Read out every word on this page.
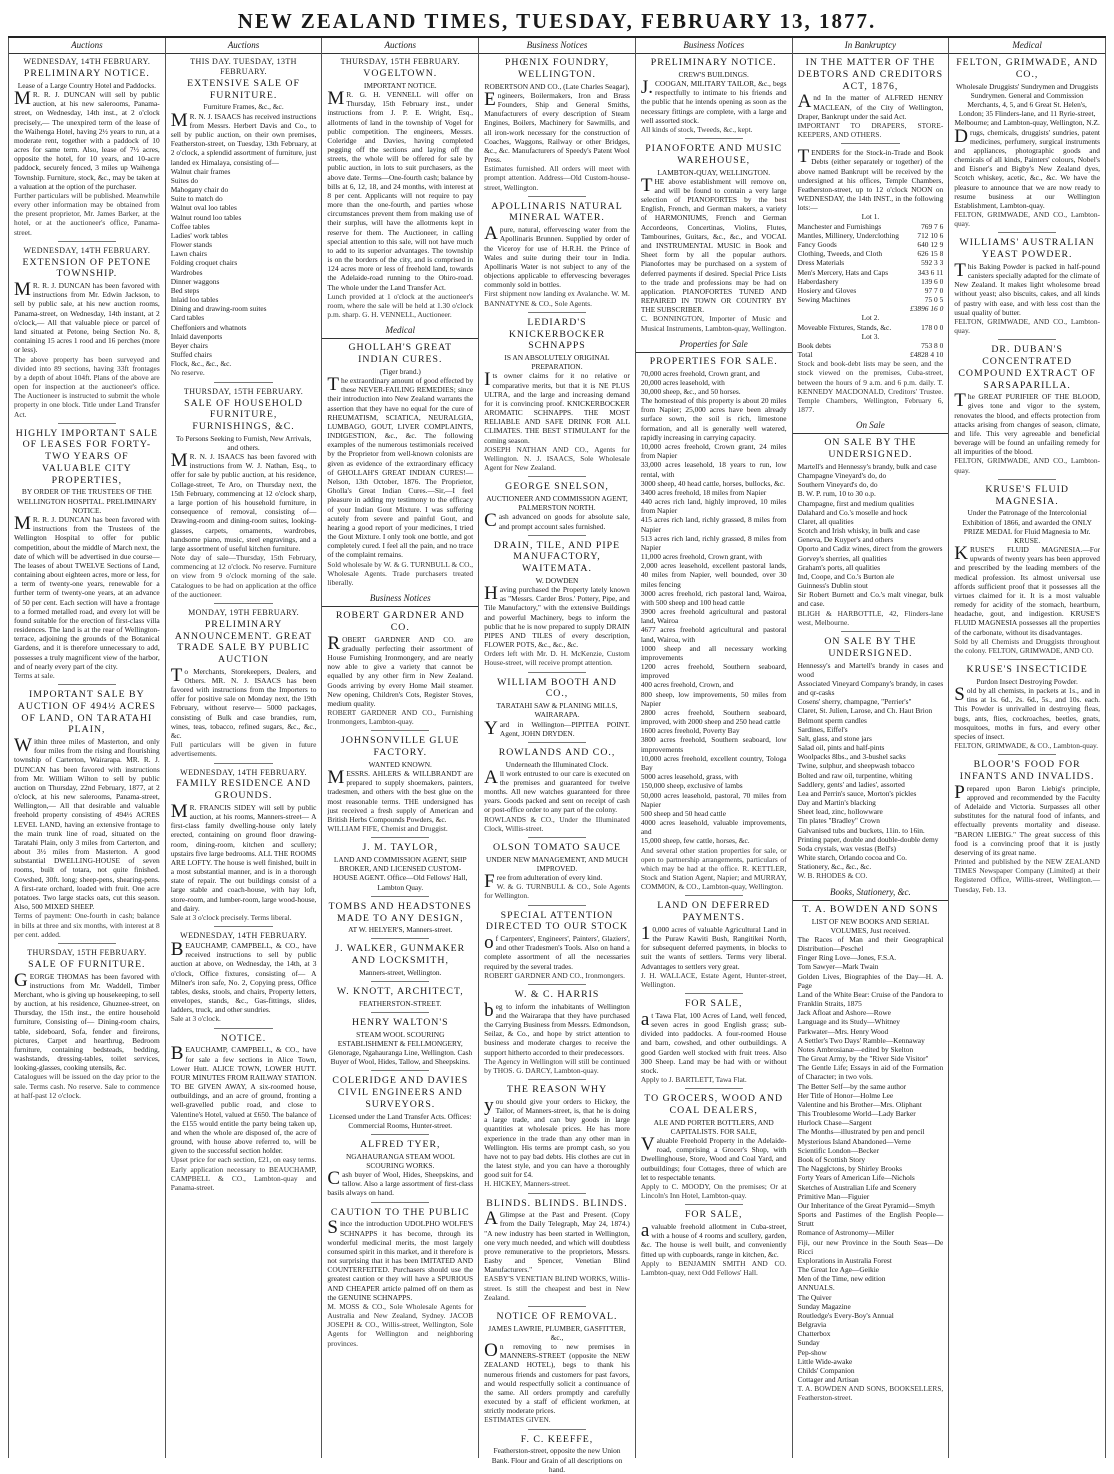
NEW ZEALAND TIMES, TUESDAY, FEBRUARY 13, 1877.
Auctions
WEDNESDAY, 14TH FEBRUARY.
PRELIMINARY NOTICE.
Lease of a Large Country Hotel and Paddocks.

MR. R. J. DUNCAN will sell by public auction, at his new salerooms, Panama-street, on Wednesday, 14th inst., at 2 o'clock precisely,— The unexpired term of the lease of the Waihenga Hotel, having 2½ years to run, at a moderate rent, together with a paddock of 10 acres for same term. Also, lease of 7½ acres, opposite the hotel, for 10 years, and 10-acre paddock, securely fenced, 3 miles up Waihenga Township. Furniture, stock, &c., may be taken at a valuation at the option of the purchaser.

Further particulars will be published. Meanwhile every other information may be obtained from the present proprietor, Mr. James Barker, at the hotel, or at the auctioneer's office, Panama-street.

WEDNESDAY, 14TH FEBRUARY.
EXTENSION OF PETONE TOWNSHIP.

MR. R. J. DUNCAN has been favored with instructions from Mr. Edwin Jackson, to sell by public sale, at his new auction rooms, Panama-street, on Wednesday, 14th instant, at 2 o'clock,— All that valuable piece or parcel of land situated at Petone, being Section No. 8, containing 15 acres 1 rood and 16 perches (more or less).

The above property has been surveyed and divided into 89 sections, having 33ft frontages by a depth of about 104ft. Plans of the above are open for inspection at the auctioneer's office. The Auctioneer is instructed to submit the whole property in one block. Title under Land Transfer Act.

HIGHLY IMPORTANT SALE OF LEASES FOR FORTY-TWO YEARS OF VALUABLE CITY PROPERTIES,
BY ORDER OF THE TRUSTEES OF THE WELLINGTON HOSPITAL. PRELIMINARY NOTICE.

MR. R. J. DUNCAN has been favored with instructions from the Trustees of the Wellington Hospital to offer for public competition, about the middle of March next, the date of which will be advertised in due course— The leases of about TWELVE Sections of Land, containing about eighteen acres, more or less, for a term of twenty-one years, renewable for a further term of twenty-one years, at an advance of 50 per cent. Each section will have a frontage to a formed metalled road, and every lot will be found suitable for the erection of first-class villa residences. The land is at the rear of Wellington-terrace, adjoining the grounds of the Botanical Gardens, and it is therefore unnecessary to add, possesses a truly magnificent view of the harbor, and of nearly every part of the city.

Terms at sale.

IMPORTANT SALE BY AUCTION OF 494½ ACRES OF LAND, ON TARATAHI PLAIN,

Within three miles of Masterton, and only four miles from the rising and flourishing township of Carterton, Wairarapa. MR. R. J. DUNCAN has been favored with instructions from Mr. William Wilton to sell by public auction on Thursday, 22nd February, 1877, at 2 o'clock, at his new salerooms, Panama-street, Wellington,— All that desirable and valuable freehold property consisting of 494½ ACRES LEVEL LAND, having an extensive frontage to the main trunk line of road, situated on the Taratahi Plain, only 3 miles from Carterton, and about 3½ miles from Masterton. A good substantial DWELLING-HOUSE of seven rooms, built of totara, not quite finished. Cowshed, 30ft. long; sheep-pens, shearing-pens. A first-rate orchard, loaded with fruit. One acre potatoes. Two large stacks oats, cut this season. Also, 500 MIXED SHEEP.

Terms of payment: One-fourth in cash; balance in bills at three and six months, with interest at 8 per cent. added.

THURSDAY, 15TH FEBRUARY.
SALE OF FURNITURE.

GEORGE THOMAS has been favored with instructions from Mr. Waddell, Timber Merchant, who is giving up housekeeping, to sell by auction, at his residence, Ghuznee-street, on Thursday, the 15th inst., the entire household furniture, Consisting of— Dining-room chairs, table, sideboard, Sofa, fender and fireirons, pictures, Carpet and hearthrug, Bedroom furniture, containing bedsteads, bedding, washstands, dressing-tables, toilet services, looking-glasses, cooking utensils, &c.

Catalogues will be issued on the day prior to the sale. Terms cash. No reserve. Sale to commence at half-past 12 o'clock.

Auctions
THIS DAY. TUESDAY, 13TH FEBRUARY.
EXTENSIVE SALE OF FURNITURE.
Furniture Frames, &c., &c.

MR. N. J. ISAACS has received instructions from Messrs. Herbert Davis and Co., to sell by public auction, on their own premises, Featherston-street, on Tuesday, 13th February, at 2 o'clock, a splendid assortment of furniture, just landed ex Himalaya, consisting of—

Walnut chair frames
Suites do
Mahogany chair do
Suite to match do
Walnut oval loo tables
Walnut round loo tables
Coffee tables
Ladies' work tables
Flower stands
Lawn chairs
Folding croquet chairs
Wardrobes
Dinner waggons
Bed steps
Inlaid loo tables
Dining and drawing-room suites
Card tables
Cheffoniers and whatnots
Inlaid davenports
Beyer chairs
Stuffed chairs
Flock, &c., &c., &c.

No reserve.

THURSDAY, 15TH FEBRUARY.
SALE OF HOUSEHOLD FURNITURE, FURNISHINGS, &C.
To Persons Seeking to Furnish, New Arrivals, and others.

MR. N. J. ISAACS has been favored with instructions from W. J. Nathan, Esq., to offer for sale by public auction, at his residence, Collage-street, Te Aro, on Thursday next, the 15th February, commencing at 12 o'clock sharp, a large portion of his household furniture, in consequence of removal, consisting of— Drawing-room and dining-room suites, looking-glasses, carpets, ornaments, wardrobes, handsome piano, music, steel engravings, and a large assortment of useful kitchen furniture.

Note day of sale—Thursday, 15th February, commencing at 12 o'clock. No reserve. Furniture on view from 9 o'clock morning of the sale. Catalogues to be had on application at the office of the auctioneer.

MONDAY, 19TH FEBRUARY.
PRELIMINARY ANNOUNCEMENT. GREAT TRADE SALE BY PUBLIC AUCTION

To Merchants, Storekeepers, Dealers, and Others. MR. N. J. ISAACS has been favored with instructions from the Importers to offer for positive sale on Monday next, the 19th February, without reserve— 5000 packages, consisting of Bulk and case brandies, rum, wines, teas, tobacco, refined sugars, &c., &c., &c.

Full particulars will be given in future advertisements.

WEDNESDAY, 14TH FEBRUARY.
FAMILY RESIDENCE AND GROUNDS.

MR. FRANCIS SIDEY will sell by public auction, at his rooms, Manners-street— A first-class family dwelling-house only lately erected, containing on ground floor drawing-room, dining-room, kitchen and scullery; upstairs five large bedrooms. ALL THE ROOMS ARE LOFTY. The house is well finished, built in a most substantial manner, and is in a thorough state of repair. The out buildings consist of a large stable and coach-house, with hay loft, store-room, and lumber-room, large wood-house, and dairy.

Sale at 3 o'clock precisely. Terms liberal.

WEDNESDAY, 14TH FEBRUARY.

BEAUCHAMP, CAMPBELL, & CO., have received instructions to sell by public auction at above, on Wednesday, the 14th, at 3 o'clock, Office fixtures, consisting of— A Milner's iron safe, No. 2, Copying press, Office tables, desks, stools, and chairs, Property letters, envelopes, stands, &c., Gas-fittings, slides, ladders, truck, and other sundries.

Sale at 3 o'clock.

NOTICE.

BEAUCHAMP, CAMPBELL, & CO., have for sale a few sections in Alice Town, Lower Hutt. ALICE TOWN, LOWER HUTT. FOUR MINUTES FROM RAILWAY STATION. TO BE GIVEN AWAY, A six-roomed house, outbuildings, and an acre of ground, fronting a well-gravelled public road, and close to Valentine's Hotel, valued at £650. The balance of the £155 would entitle the party being taken up, and when the whole are disposed of, the acre of ground, with house above referred to, will be given to the successful section holder.

Upset price for each section, £21, on easy terms. Early application necessary to BEAUCHAMP, CAMPBELL & CO., Lambton-quay and Panama-street.

Auctions
THURSDAY, 15TH FEBRUARY.
VOGELTOWN.
IMPORTANT NOTICE.

MR. G. H. VENNELL will offer on Thursday, 15th February inst., under instructions from J. P. E. Wright, Esq., allotments of land in the township of Vogel for public competition. The engineers, Messrs. Coleridge and Davies, having completed pegging off the sections and laying off the streets, the whole will be offered for sale by public auction, in lots to suit purchasers, as the above date. Terms—One-fourth cash; balance by bills at 6, 12, 18, and 24 months, with interest at 8 per cent. Applicants will not require to pay more than the one-fourth, and parties whose circumstances prevent them from making use of their surplus, will have the allotments kept in reserve for them. The Auctioneer, in calling special attention to this sale, will not have much to add to its superior advantages. The township is on the borders of the city, and is comprised in 124 acres more or less of freehold land, towards the Adelaide-road running to the Ohiro-road. The whole under the Land Transfer Act.

Lunch provided at 1 o'clock at the auctioneer's room, where the sale will be held at 1.30 o'clock p.m. sharp. G. H. VENNELL, Auctioneer.

Medical
GHOLLAH'S GREAT INDIAN CURES.
(Tiger brand.)

The extraordinary amount of good effected by these NEVER-FAILING REMEDIES; since their introduction into New Zealand warrants the assertion that they have no equal for the cure of RHEUMATISM, SCIATICA, NEURALGIA, LUMBAGO, GOUT, LIVER COMPLAINTS, INDIGESTION, &c., &c. The following examples of the numerous testimonials received by the Proprietor from well-known colonists are given as evidence of the extraordinary efficacy of GHOLLAH'S GREAT INDIAN CURES!— Nelson, 13th October, 1876. The Proprietor, Gholla's Great Indian Cures.—Sir,—I feel pleasure in adding my testimony to the efficacy of your Indian Gout Mixture. I was suffering acutely from severe and painful Gout, and hearing a good report of your medicines, I tried the Gout Mixture. I only took one bottle, and got completely cured. I feel all the pain, and no trace of the complaint remains.

Sold wholesale by W. & G. TURNBULL & CO., Wholesale Agents. Trade purchasers treated liberally.

Business Notices
ROBERT GARDNER AND CO.

ROBERT GARDNER AND CO. are gradually perfecting their assortment of House Furnishing Ironmongery, and are nearly now able to give a variety that cannot be equalled by any other firm in New Zealand. Goods arriving by every Home Mail steamer. New opening, Children's Cots, Register Stoves, medium quality.

ROBERT GARDNER AND CO., Furnishing Ironmongers, Lambton-quay.

JOHNSONVILLE GLUE FACTORY.
WANTED KNOWN.

MESSRS. AHLERS & WILLBRANDT are prepared to supply shoemakers, painters, tradesmen, and others with the best glue on the most reasonable terms. THE undersigned has just received a fresh supply of American and British Herbs Compounds Powders, &c.

WILLIAM FIFE, Chemist and Druggist.

J. M. TAYLOR,
LAND AND COMMISSION AGENT, SHIP BROKER, AND LICENSED CUSTOM-HOUSE AGENT. Office—Old Fellows' Hall, Lambton Quay.
TOMBS AND HEADSTONES MADE TO ANY DESIGN,
AT W. HELYER'S, Manners-street.
J. WALKER, GUNMAKER AND LOCKSMITH,
Manners-street, Wellington.
W. KNOTT, ARCHITECT,
FEATHERSTON-STREET.
HENRY WALTON'S
STEAM WOOL SCOURING ESTABLISHMENT & FELLMONGERY, Glenorage, Ngahauranga Line, Wellington. Cash Buyer of Wool, Hides, Tallow, and Sheepskins.
COLERIDGE AND DAVIES CIVIL ENGINEERS AND SURVEYORS.
Licensed under the Land Transfer Acts. Offices: Commercial Rooms, Hunter-street.
ALFRED TYER,
NGAHAURANGA STEAM WOOL SCOURING WORKS.

Cash buyer of Wool, Hides, Sheepskins, and tallow. Also a large assortment of first-class basils always on hand.

CAUTION TO THE PUBLIC

Since the introduction UDOLPHO WOLFE'S SCHNAPPS it has become, through its wonderful medicinal merits, the most largely consumed spirit in this market, and it therefore is not surprising that it has been IMITATED AND COUNTERFEITED. Purchasers should use the greatest caution or they will have a SPURIOUS AND CHEAPER article palmed off on them as the GENUINE SCHNAPPS.

M. MOSS & CO., Sole Wholesale Agents for Australia and New Zealand, Sydney. JACOB JOSEPH & CO., Willis-street, Wellington, Sole Agents for Wellington and neighboring provinces.

Business Notices
PHŒNIX FOUNDRY, WELLINGTON.
ROBERTSON AND CO., (Late Charles Seagar),

Engineers, Boilermakers, Iron and Brass Founders, Ship and General Smiths, Manufacturers of every description of Steam Engines, Boilers, Machinery for Sawmills, and all iron-work necessary for the construction of Coaches, Waggons, Railway or other Bridges, &c., &c. Manufacturers of Speedy's Patent Wool Press.

Estimates furnished. All orders will meet with prompt attention. Address—Old Custom-house-street, Wellington.

APOLLINARIS NATURAL MINERAL WATER.

Apure, natural, effervescing water from the Apollinaris Brunnen. Supplied by order of the Viceroy for use of H.R.H. the Prince of Wales and suite during their tour in India. Apollinaris Water is not subject to any of the objections applicable to effervescing beverages commonly sold in bottles.

First shipment now landing ex Avalanche. W. M. BANNATYNE & CO., Sole Agents.

LEDIARD'S KNICKERBOCKER SCHNAPPS
IS AN ABSOLUTELY ORIGINAL PREPARATION.

Its owner claims for it no relative or comparative merits, but that it is NE PLUS ULTRA, and the large and increasing demand for it is convincing proof. KNICKERBOCKER AROMATIC SCHNAPPS. THE MOST RELIABLE AND SAFE DRINK FOR ALL CLIMATES. THE BEST STIMULANT for the coming season.

JOSEPH NATHAN AND CO., Agents for Wellington. N. J. ISAACS, Sole Wholesale Agent for New Zealand.

GEORGE SNELSON,
AUCTIONEER AND COMMISSION AGENT, PALMERSTON NORTH.

Cash advanced on goods for absolute sale, and prompt account sales furnished.

DRAIN, TILE, AND PIPE MANUFACTORY, WAITEMATA.
W. DOWDEN

Having purchased the Property lately known as "Messrs. Carder Bros.' Pottery, Pipe, and Tile Manufactory," with the extensive Buildings and powerful Machinery, begs to inform the public that he is now prepared to supply DRAIN PIPES AND TILES of every description, FLOWER POTS, &c., &c., &c.

Orders left with Mr. D. H. McKenzie, Custom House-street, will receive prompt attention.

WILLIAM BOOTH AND CO.,
TARATAHI SAW & PLANING MILLS, WAIRARAPA.

Yard in Wellington—PIPITEA POINT. Agent, JOHN DRYDEN.

ROWLANDS AND CO.,
Underneath the Illuminated Clock.

All work entrusted to our care is executed on the premises and guaranteed for twelve months. All new watches guaranteed for three years. Goods packed and sent on receipt of cash or post-office order to any part of the colony.

ROWLANDS & CO., Under the Illuminated Clock, Willis-street.

OLSON TOMATO SAUCE
UNDER NEW MANAGEMENT, AND MUCH IMPROVED.

Free from adulteration of every kind.

W. & G. TURNBULL & CO., Sole Agents for Wellington.

SPECIAL ATTENTION DIRECTED TO OUR STOCK

of Carpenters', Engineers', Painters', Glaziers', and other Tradesmen's Tools. Also on hand a complete assortment of all the necessaries required by the several trades.

ROBERT GARDNER AND CO., Ironmongers.

W. & C. HARRIS

beg to inform the inhabitants of Wellington and the Wairarapa that they have purchased the Carrying Business from Messrs. Edmondson, Seilaz, & Co., and hope by strict attention to business and moderate charges to receive the support hitherto accorded to their predecessors.

The Agency in Wellington will still be continued by THOS. G. DARCY, Lambton-quay.

THE REASON WHY

you should give your orders to Hickey, the Tailor, of Manners-street, is, that he is doing a large trade, and can buy goods in large quantities at wholesale prices. He has more experience in the trade than any other man in Wellington. His terms are prompt cash, so you have not to pay bad debts. His clothes are cut in the latest style, and you can have a thoroughly good suit for £4.

H. HICKEY, Manners-street.

BLINDS. BLINDS. BLINDS.

AGlimpse at the Past and Present. (Copy from the Daily Telegraph, May 24, 1874.) "A new industry has been started in Wellington, one very much needed, and which will doubtless prove remunerative to the proprietors, Messrs. Easby and Spencer, Venetian Blind Manufacturers."

EASBY'S VENETIAN BLIND WORKS, Willis-street. Is still the cheapest and best in New Zealand.

NOTICE OF REMOVAL.
JAMES LAWRIE, PLUMBER, GASFITTER, &c.,

On removing to new premises in MANNERS-STREET (opposite the NEW ZEALAND HOTEL), begs to thank his numerous friends and customers for past favors, and would respectfully solicit a continuance of the same. All orders promptly and carefully executed by a staff of efficient workmen, at strictly moderate prices.

ESTIMATES GIVEN.

F. C. KEEFFE,
Featherston-street, opposite the new Union Bank. Flour and Grain of all descriptions on hand.
Business Notices
PRELIMINARY NOTICE.
CREW'S BUILDINGS.

J.COOGAN, MILITARY TAILOR, &c., begs respectfully to intimate to his friends and the public that he intends opening as soon as the necessary fittings are complete, with a large and well assorted stock.

All kinds of stock, Tweeds, &c., kept.

PIANOFORTE AND MUSIC WAREHOUSE,
LAMBTON-QUAY, WELLINGTON.

THE above establishment will remove on, and will be found to contain a very large selection of PIANOFORTES by the best English, French, and German makers, a variety of HARMONIUMS, French and German Accordeons, Concertinas, Violins, Flutes, Tambourines, Guitars, &c., &c., and VOCAL and INSTRUMENTAL MUSIC in Book and Sheet form by all the popular authors. Pianofortes may be purchased on a system of deferred payments if desired. Special Price Lists to the trade and professions may be had on application. PIANOFORTES TUNED AND REPAIRED IN TOWN OR COUNTRY BY THE SUBSCRIBER.

C. BONNINGTON, Importer of Music and Musical Instruments, Lambton-quay, Wellington.

Properties for Sale
PROPERTIES FOR SALE.
70,000 acres freehold, Crown grant, and
20,000 acres leasehold, with
30,000 sheep, &c., and 50 horses.
The homestead of this property is about 20 miles from Napier; 25,000 acres have been already surface sown, the soil is rich, limestone formation, and all is generally well watered, rapidly increasing in carrying capacity.
10,000 acres freehold, Crown grant, 24 miles from Napier
33,000 acres leasehold, 18 years to run, low rental, with
3000 sheep, 40 head cattle, horses, bullocks, &c.
3400 acres freehold, 18 miles from Napier
440 acres rich land, highly improved, 10 miles from Napier
415 acres rich land, richly grassed, 8 miles from Napier
513 acres rich land, richly grassed, 8 miles from Napier
11,000 acres freehold, Crown grant, with
2,000 acres leasehold, excellent pastoral lands, 40 miles from Napier, well bounded, over 30 miles fencing
3000 acres freehold, rich pastoral land, Wairoa, with 500 sheep and 100 head cattle
3900 acres freehold agricultural and pastoral land, Wairoa
4677 acres freehold agricultural and pastoral land, Wairoa, with
1000 sheep and all necessary working improvements
1200 acres freehold, Southern seaboard, improved
400 acres freehold, Crown, and
800 sheep, low improvements, 50 miles from Napier
2800 acres freehold, Southern seaboard, improved, with 2000 sheep and 250 head cattle
1600 acres freehold, Poverty Bay
3800 acres freehold, Southern seaboard, low improvements
10,000 acres freehold, excellent country, Tologa Bay
5000 acres leasehold, grass, with
150,000 sheep, exclusive of lambs
50,000 acres leasehold, pastoral, 70 miles from Napier
500 sheep and 50 head cattle
4000 acres leasehold, valuable improvements, and
15,000 sheep, few cattle, horses, &c.

And several other station properties for sale, or open to partnership arrangements, particulars of which may be had at the office. R. KETTLER, Stock and Station Agent, Napier; and MURRAY, COMMON, & CO., Lambton-quay, Wellington.

LAND ON DEFERRED PAYMENTS.

10,000 acres of valuable Agricultural Land in the Puraw Kawiti Bush, Rangitikei North, for subsequent deferred payments, in blocks to suit the wants of settlers. Terms very liberal. Advantages to settlers very great.

J. H. WALLACE, Estate Agent, Hunter-street, Wellington.

FOR SALE,

at Tawa Flat, 100 Acres of Land, well fenced, seven acres in good English grass; sub-divided into paddocks. A four-roomed House and barn, cowshed, and other outbuildings. A good Garden well stocked with fruit trees. Also 300 Sheep. Land may be had with or without stock.

Apply to J. BARTLETT, Tawa Flat.

TO GROCERS, WOOD AND COAL DEALERS,
ALE AND PORTER BOTTLERS, AND CAPITALISTS. FOR SALE,

Valuable Freehold Property in the Adelaide-road, comprising a Grocer's Shop, with Dwellinghouse, Store, Wood and Coal Yard, and outbuildings; four Cottages, three of which are let to respectable tenants.

Apply to C. MOODY, On the premises; Or at Lincoln's Inn Hotel, Lambton-quay.

FOR SALE,

avaluable freehold allotment in Cuba-street, with a house of 4 rooms and scullery, garden, &c. The house is well built, and conveniently fitted up with cupboards, range in kitchen, &c.

Apply to BENJAMIN SMITH AND CO. Lambton-quay, next Odd Fellows' Hall.

In Bankruptcy
IN THE MATTER OF THE DEBTORS AND CREDITORS ACT, 1876,

And In the matter of ALFRED HENRY MACLEAN, of the City of Wellington, Draper, Bankrupt under the said Act.

IMPORTANT TO DRAPERS, STORE-KEEPERS, AND OTHERS.

TENDERS for the Stock-in-Trade and Book Debts (either separately or together) of the above named Bankrupt will be received by the undersigned at his offices, Temple Chambers, Featherston-street, up to 12 o'clock NOON on WEDNESDAY, the 14th INST., in the following lots:—

Lot 1.
Manchester and Furnishings	769 7 6
Mantles, Millinery, Underclothing	712 10 6
Fancy Goods	640 12 9
Clothing, Tweeds, and Cloth	626 15 8
Dress Materials	592 3 3
Men's Mercery, Hats and Caps	343 6 11
Haberdashery	139 6 0
Hosiery and Gloves	97 7 0
Sewing Machines	75 0 5
£3896 16 0
Lot 2.
Moveable Fixtures, Stands, &c.	178 0 0
Lot 3.
Book debts	753 8 0
Total	£4828 4 10

Stock and book-debt lists may be seen, and the stock viewed on the premises, Cuba-street, between the hours of 9 a.m. and 6 p.m. daily. T. KENNEDY MACDONALD, Creditors' Trustee. Temple Chambers, Wellington, February 6, 1877.

On Sale
ON SALE BY THE UNDERSIGNED.
Martell's and Hennessy's brandy, bulk and case
Champagne Vineyard's do, do
Southern Vineyard's do, do
B. W. P. rum, 10 to 30 o.p.
Champagne, first and medium qualities
Dalahard and Co.'s moselle and hock
Claret, all qualities
Scotch and Irish whisky, in bulk and case
Geneva, De Kuyper's and others
Oporto and Cadiz wines, direct from the growers
Gorvey's sherries, all qualities
Graham's ports, all qualities
Ind, Coope, and Co.'s Burton ale
Guinness's Dublin stout
Sir Robert Burnett and Co.'s malt vinegar, bulk and case.

BLIGH & HARBOTTLE, 42, Flinders-lane west, Melbourne.

ON SALE BY THE UNDERSIGNED.
Hennessy's and Martell's brandy in cases and wood
Associated Vineyard Company's brandy, in cases and qr-casks
Cosens' sherry, champagne, "Perrier's"
Claret, St. Julien, Larose, and Ch. Haut Brion
Belmont sperm candles
Sardines, Eiffel's
Salt, glass, and stone jars
Salad oil, pints and half-pints
Woolpacks 8lbs., and 3-bushel sacks
Twine, sulphur, and sheepwash tobacco
Bolted and raw oil, turpentine, whiting
Saddlery, gents' and ladies', assorted
Lea and Perrin's sauce, Morton's pickles
Day and Martin's blacking
Sheet lead, zinc, hollowware
Tin plates "Bradley" Crown
Galvanised tubs and buckets, 11in. to 16in.
Printing paper, double and double-double demy
Soda crystals, wax vestas (Bell's)
White starch, Orlando cocoa and Co.
Stationery, &c., &c., &c.

W. B. RHODES & CO.

Books, Stationery, &c.
T. A. BOWDEN AND SONS
LIST OF NEW BOOKS AND SERIAL VOLUMES, Just received.
The Races of Man and their Geographical Distribution—Peschel
Finger Ring Love—Jones, F.S.A.
Tom Sawyer—Mark Twain
Golden Lives, Biographies of the Day—H. A. Page
Land of the White Bear: Cruise of the Pandora to Franklin Straits, 1875
Jack Afloat and Ashore—Rowe
Language and its Study—Whitney
Parkwater—Mrs. Henry Wood
A Settler's Two Days' Ramble—Kennaway
Notes Ambrosianæ—edited by Skelton
The Great Army, by the "River Side Visitor"
The Gentle Life; Essays in aid of the Formation of Character; in two vols.
The Better Self—by the same author
Her Title of Honor—Holme Lee
Valentine and his Brother—Mrs. Oliphant
This Troublesome World—Lady Barker
Hurlock Chase—Sargent
The Months—illustrated by pen and pencil
Mysterious Island Abandoned—Verne
Scientific London—Becker
Book of Scottish Story
The Nagglctons, by Shirley Brooks
Forty Years of American Life—Nichols
Sketches of Australian Life and Scenery
Primitive Man—Figuier
Our Inheritance of the Great Pyramid—Smyth
Sports and Pastimes of the English People—Strutt
Romance of Astronomy—Miller
Fiji, our new Province in the South Seas—De Ricci
Explorations in Australia Forest
The Great Ice Age—Geikie
Men of the Time, new edition
ANNUALS.
The Quiver
Sunday Magazine
Routledge's Every-Boy's Annual
Belgravia
Chatterbox
Sunday
Pep-show
Little Wide-awake
Childs' Companion
Cottager and Artisan

T. A. BOWDEN AND SONS, BOOKSELLERS, Featherston-street.

Medical
FELTON, GRIMWADE, AND CO.,
Wholesale Druggists' Sundrymen and Druggists Sundrymen. General and Commission Merchants, 4, 5, and 6 Great St. Helen's, London; 35 Flinders-lane, and 11 Ryrie-street, Melbourne; and Lambton-quay, Wellington, N.Z.

Drugs, chemicals, druggists' sundries, patent medicines, perfumery, surgical instruments and appliances, photographic goods and chemicals of all kinds, Painters' colours, Nobel's and Eisner's and Bigby's New Zealand dyes, Scotch whiskey, acetic, &c., &c. We have the pleasure to announce that we are now ready to resume business at our Wellington Establishment, Lambton-quay.

FELTON, GRIMWADE, AND CO., Lambton-quay.

WILLIAMS' AUSTRALIAN YEAST POWDER.

This Baking Powder is packed in half-pound canisters specially adapted for the climate of New Zealand. It makes light wholesome bread without yeast; also biscuits, cakes, and all kinds of pastry with ease, and with less cost than the usual quality of butter.

FELTON, GRIMWADE, AND CO., Lambton-quay.

DR. DUBAN'S CONCENTRATED COMPOUND EXTRACT OF SARSAPARILLA.

The GREAT PURIFIER OF THE BLOOD, gives tone and vigor to the system, renovates the blood, and effects protection from attacks arising from changes of season, climate, and life. This very agreeable and beneficial beverage will be found an unfailing remedy for all impurities of the blood.

FELTON, GRIMWADE, AND CO., Lambton-quay.

KRUSE'S FLUID MAGNESIA.
Under the Patronage of the Intercolonial Exhibition of 1866, and awarded the ONLY PRIZE MEDAL for Fluid Magnesia to Mr. KRUSE.

KRUSE'S FLUID MAGNESIA.—For upwards of twenty years has been approved and prescribed by the leading members of the medical profession. Its almost universal use affords sufficient proof that it possesses all the virtues claimed for it. It is a most valuable remedy for acidity of the stomach, heartburn, headache, gout, and indigestion. KRUSE'S FLUID MAGNESIA possesses all the properties of the carbonate, without its disadvantages.

Sold by all Chemists and Druggists throughout the colony. FELTON, GRIMWADE, AND CO.

KRUSE'S INSECTICIDE
Purdon Insect Destroying Powder.

Sold by all chemists, in packets at 1s., and in tins at 1s. 6d., 2s. 6d., 5s., and 10s. each. This Powder is unrivalled in destroying fleas, bugs, ants, flies, cockroaches, beetles, gnats, mosquitoes, moths in furs, and every other species of insect.

FELTON, GRIMWADE, & CO., Lambton-quay.

BLOOR'S FOOD FOR INFANTS AND INVALIDS.

Prepared upon Baron Liebig's principle, approved and recommended by the Faculty of Adelaide and Victoria. Surpasses all other substitutes for the natural food of infants, and effectually prevents mortality and disease. "BARON LIEBIG." The great success of this food is a convincing proof that it is justly deserving of its great name.

Printed and published by the NEW ZEALAND TIMES Newspaper Company (Limited) at their Registered Office, Willis-street, Wellington.—Tuesday, Feb. 13.
